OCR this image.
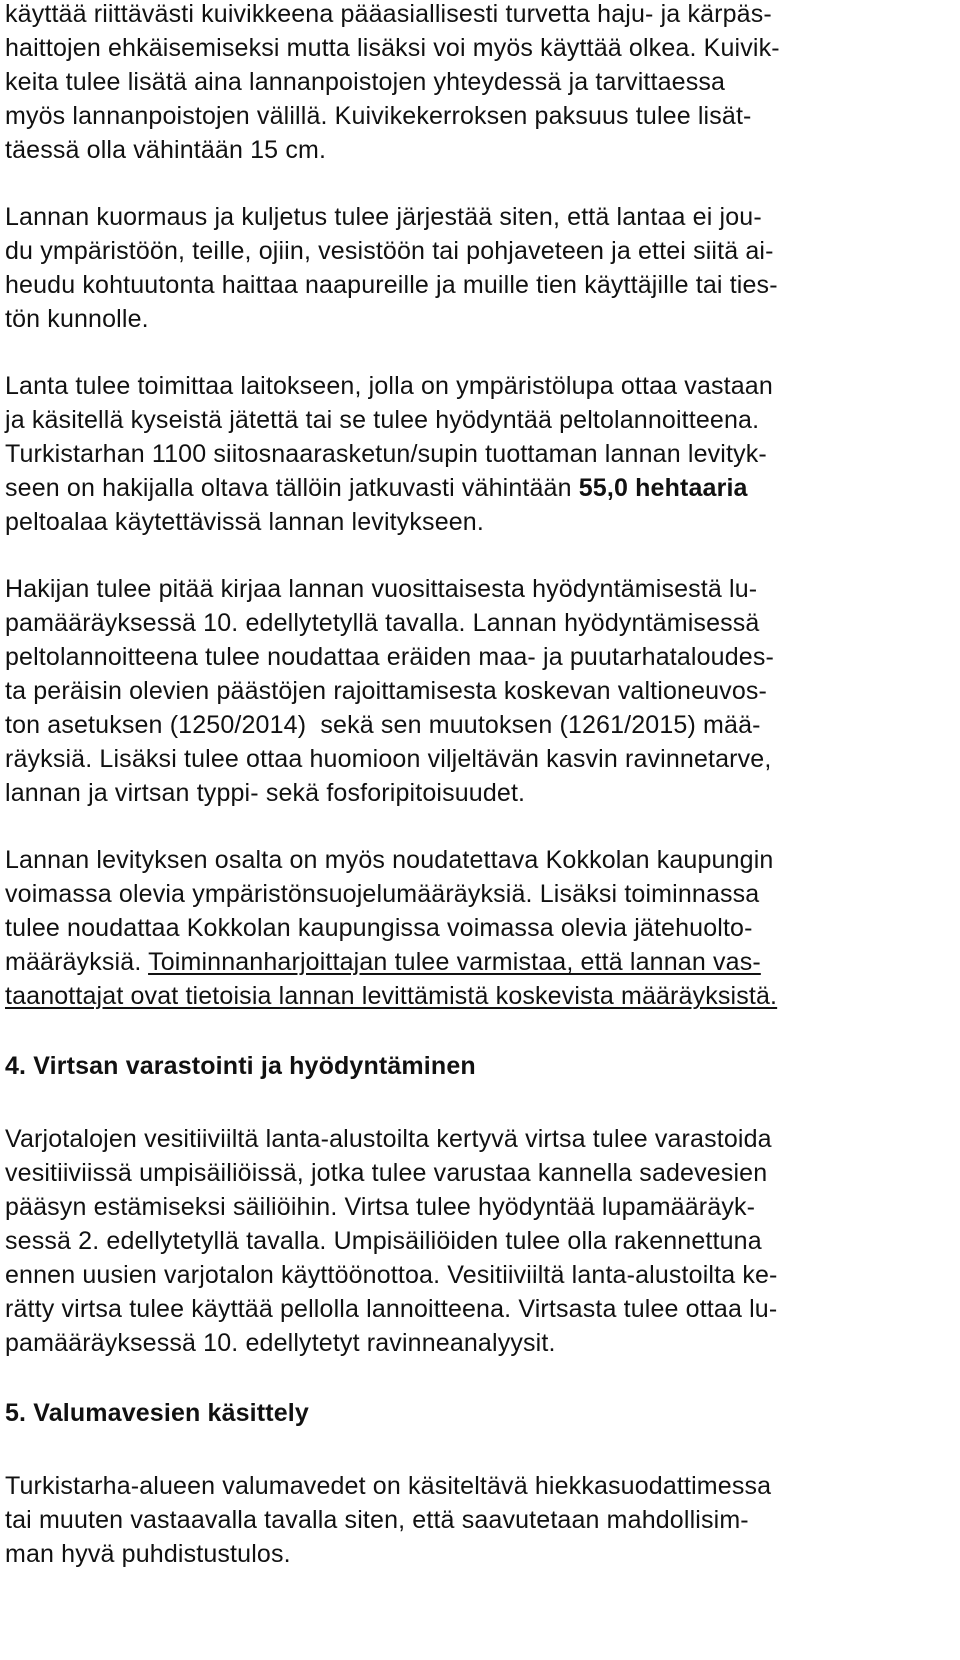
käyttää riittävästi kuivikkeena pääasiallisesti turvetta haju- ja kärpäs-
haittojen ehkäisemiseksi mutta lisäksi voi myös käyttää olkea. Kuivik-
keita tulee lisätä aina lannanpoistojen yhteydessä ja tarvittaessa
myös lannanpoistojen välillä. Kuivikekerroksen paksuus tulee lisät-
täessä olla vähintään 15 cm.
Lannan kuormaus ja kuljetus tulee järjestää siten, että lantaa ei jou-
du ympäristöön, teille, ojiin, vesistöön tai pohjaveteen ja ettei siitä ai-
heudu kohtuutonta haittaa naapureille ja muille tien käyttäjille tai ties-
tön kunnolle.
Lanta tulee toimittaa laitokseen, jolla on ympäristölupa ottaa vastaan
ja käsitellä kyseistä jätettä tai se tulee hyödyntää peltolannoitteena.
Turkistarhan 1100 siitosnaarasketun/supin tuottaman lannan levityk-
seen on hakijalla oltava tällöin jatkuvasti vähintään 55,0 hehtaaria
peltoalaa käytettävissä lannan levitykseen.
Hakijan tulee pitää kirjaa lannan vuosittaisesta hyödyntämisestä lu-
pamääräyksessä 10. edellytetyllä tavalla. Lannan hyödyntämisessä
peltolannoitteena tulee noudattaa eräiden maa- ja puutarhataloudes-
ta peräisin olevien päästöjen rajoittamisesta koskevan valtioneuvos-
ton asetuksen (1250/2014)  sekä sen muutoksen (1261/2015) mää-
räyksiä. Lisäksi tulee ottaa huomioon viljeltävän kasvin ravinnetarve,
lannan ja virtsan typpi- sekä fosforipitoisuudet.
Lannan levityksen osalta on myös noudatettava Kokkolan kaupungin
voimassa olevia ympäristönsuojelumääräyksiä. Lisäksi toiminnassa
tulee noudattaa Kokkolan kaupungissa voimassa olevia jätehuolto-
määräyksiä. Toiminnanharjoittajan tulee varmistaa, että lannan vas-
taanottajat ovat tietoisia lannan levittämistä koskevista määräyksistä.
4. Virtsan varastointi ja hyödyntäminen
Varjotalojen vesitiiviiltä lanta-alustoilta kertyvä virtsa tulee varastoida
vesitiiviissä umpisäiliöissä, jotka tulee varustaa kannella sadevesien
pääsyn estämiseksi säiliöihin. Virtsa tulee hyödyntää lupamääräyk-
sessä 2. edellytetyllä tavalla. Umpisäiliöiden tulee olla rakennettuna
ennen uusien varjotalon käyttöönottoa. Vesitiiviiltä lanta-alustoilta ke-
rätty virtsa tulee käyttää pellolla lannoitteena. Virtsasta tulee ottaa lu-
pamääräyksessä 10. edellytetyt ravinneanalyysit.
5. Valumavesien käsittely
Turkistarha-alueen valumavedet on käsiteltävä hiekkasuodattimessa
tai muuten vastaavalla tavalla siten, että saavutetaan mahdollisim-
man hyvä puhdistustulos.
